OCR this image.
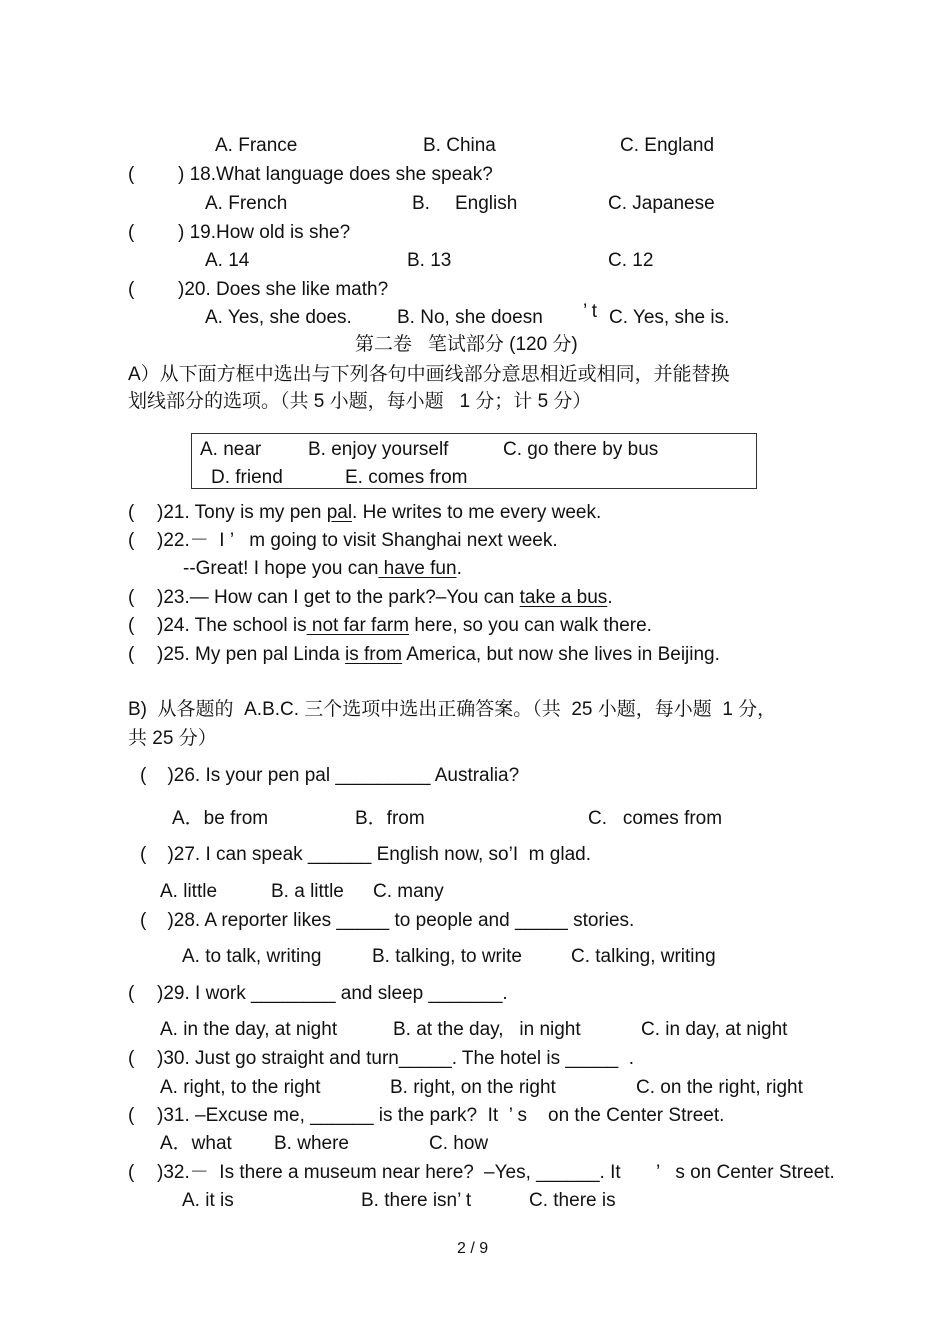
A. France	B. China	C. England
( ) 18.What language does she speak?
A. French	B. English	C. Japanese
( ) 19.How old is she?
A. 14	B. 13	C. 12
( )20. Does she like math?
A. Yes, she does. B. No, she doesn ’ t C. Yes, she is.
第二卷   笔试部分 (120 分)
A）从下面方框中选出与下列各句中画线部分意思相近或相同，并能替换
划线部分的选项。（共 5 小题，每小题   1 分；计 5 分）
A. near B. enjoy yourself	C. go there by bus
D. friend	E. comes from
( )21. Tony is my pen pal. He writes to me every week.
( )22.－  I ’   m going to visit Shanghai next week.
--Great! I hope you can have fun.
( )23.— How can I get to the park?–You can take a bus.
( )24. The school is not far farm here, so you can walk there.
( )25. My pen pal Linda is from America, but now she lives in Beijing.
B)  从各题的  A.B.C. 三个选项中选出正确答案。（共  25 小题，每小题  1 分，
共 25 分）
(    )26. Is your pen pal _________ Australia?
A．be from	B．from	C.   comes from
(    )27. I can speak ______ English now, so’I  m glad.
A. little	B. a little C. many
(    )28. A reporter likes _____ to people and _____ stories.
A. to talk, writing	B. talking, to write	C. talking, writing
( )29. I work ________ and sleep _______.
A. in the day, at night	B. at the day,   in night	C. in day, at night
( )30. Just go straight and turn_____. The hotel is _____  .
A. right, to the right	B. right, on the right	C. on the right, right
( )31. –Excuse me, ______ is the park?  It  ’ s on the Center Street.
A．what B. where	C. how
( )32.－  Is there a museum near here? –Yes, ______. It ’   s on Center Street.
A. it is	B. there isn’ t	C. there is
2 / 9
